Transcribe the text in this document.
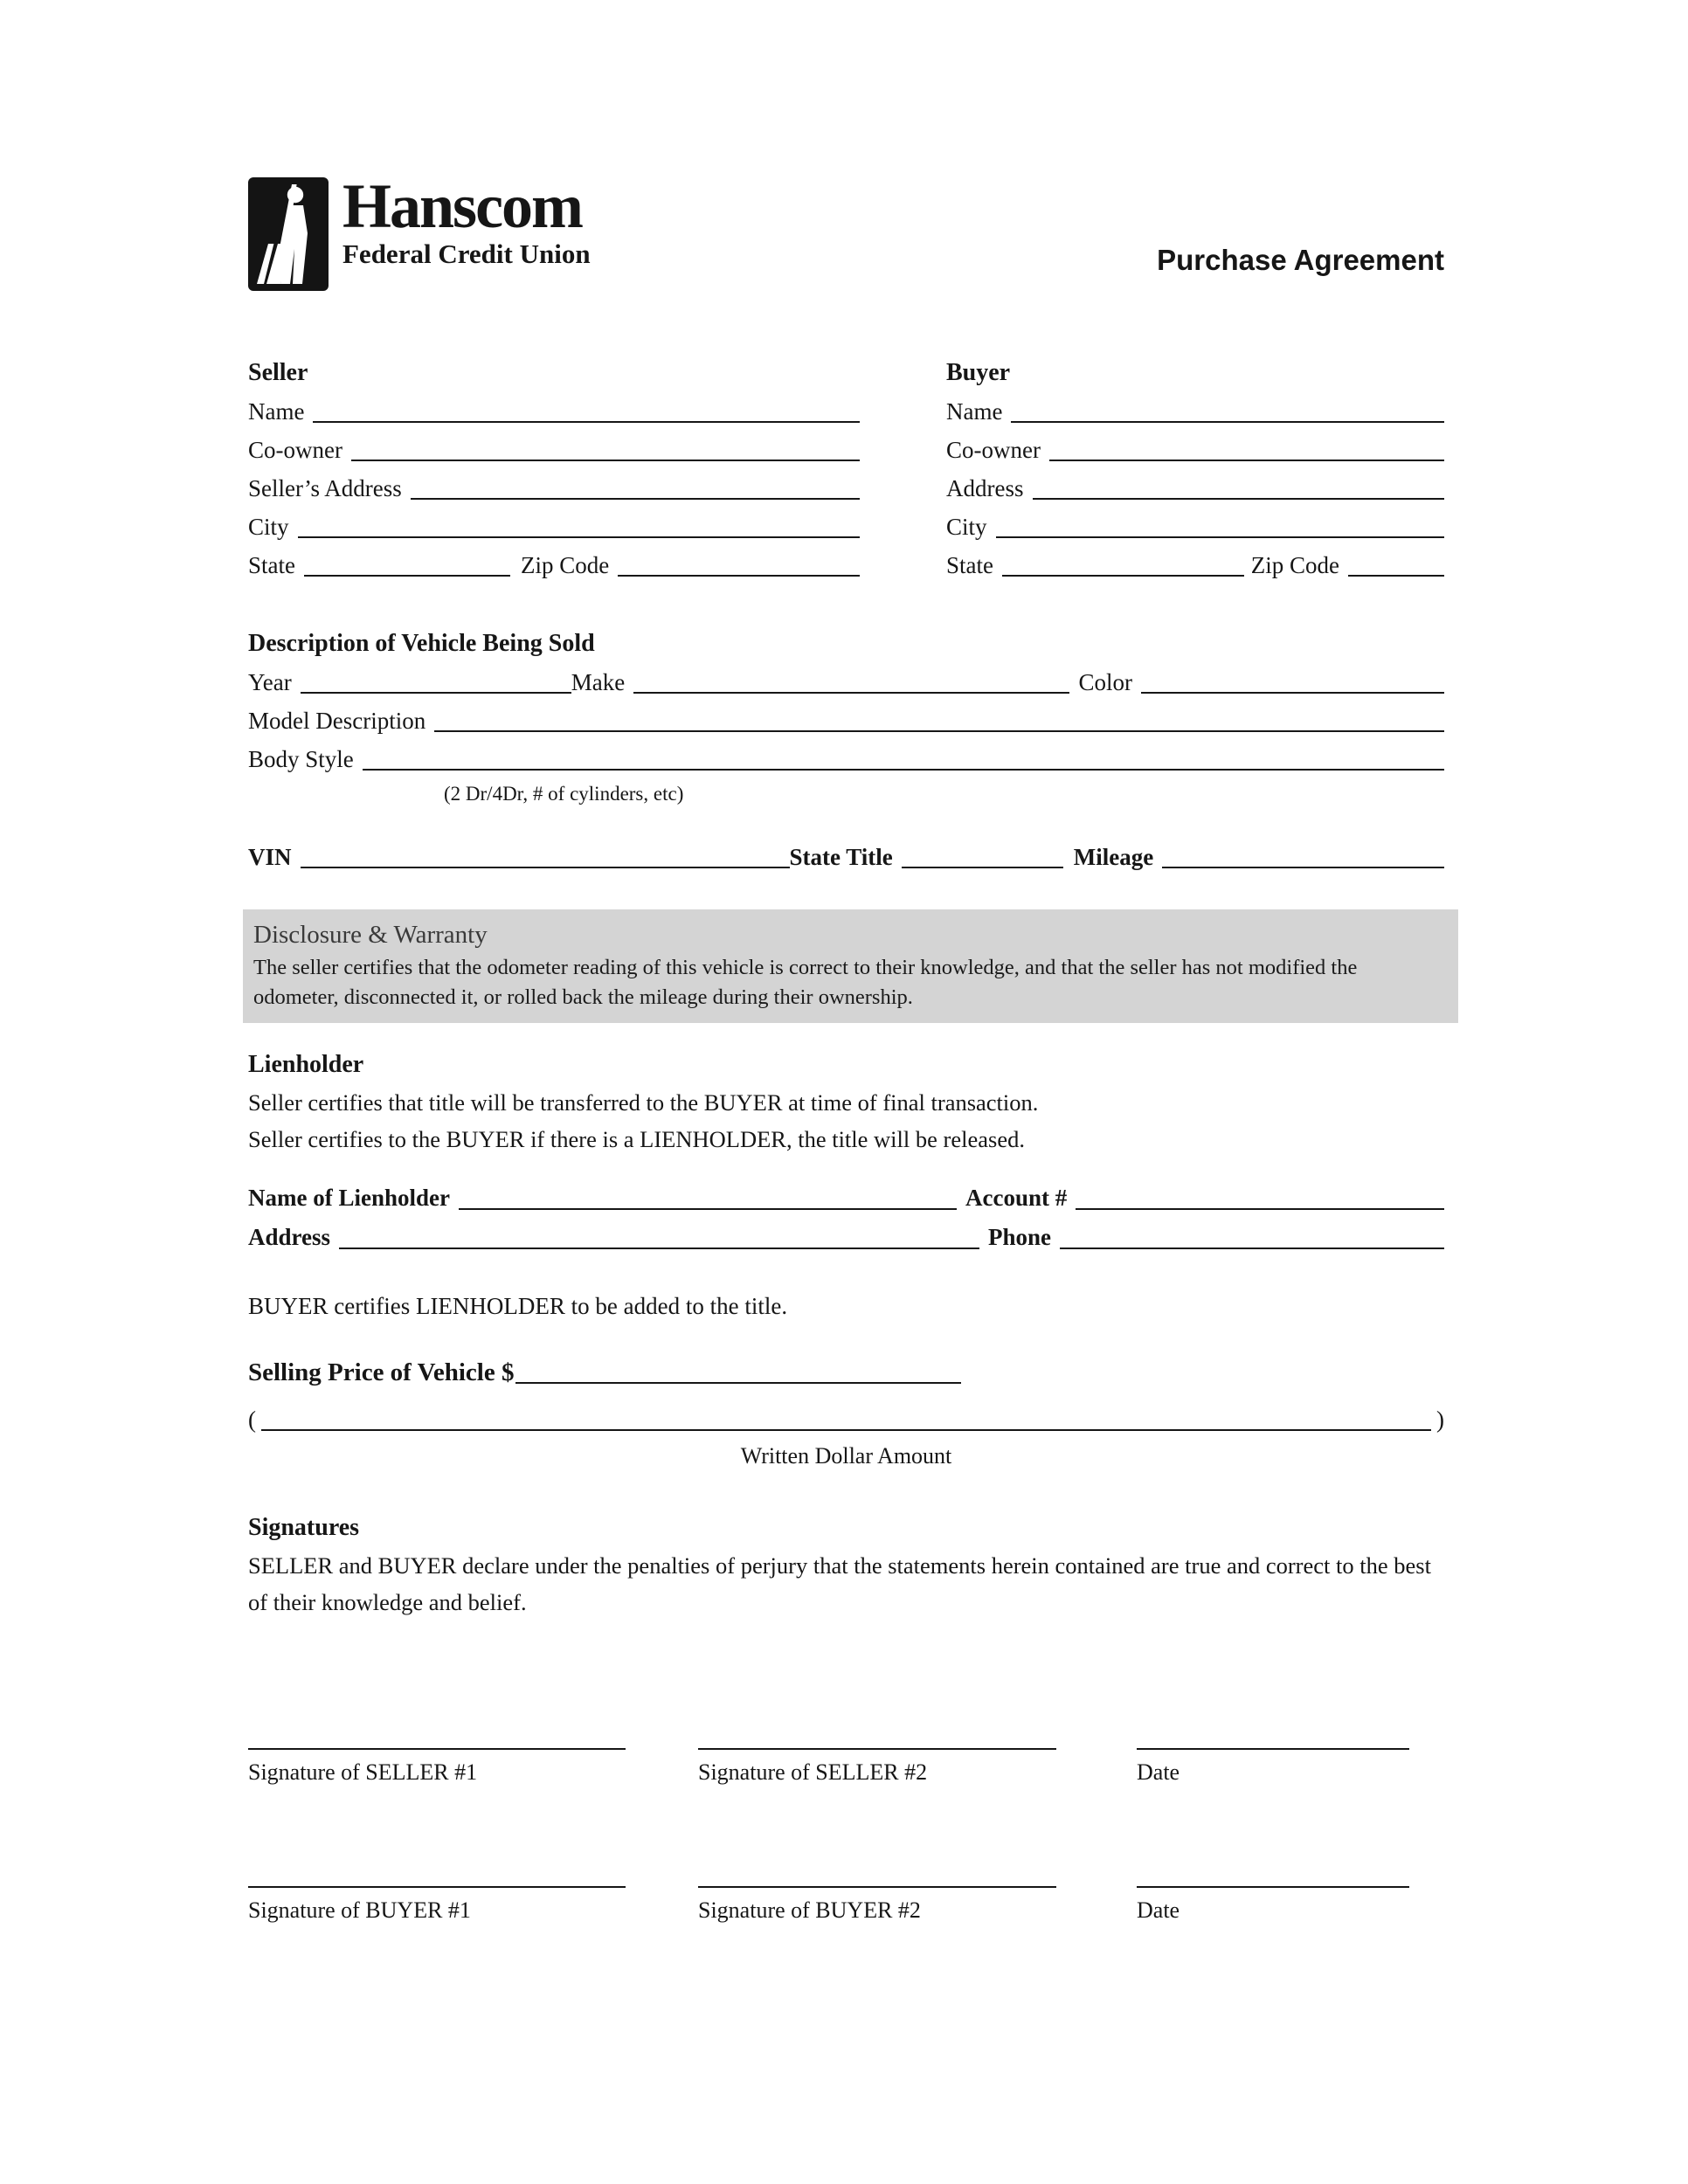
Hanscom
Federal Credit Union	Purchase Agreement
Seller
Name
Co-owner
Seller’s Address
City
State	Zip Code
Buyer
Name
Co-owner
Address
City
State	Zip Code
Description of Vehicle Being Sold
Year	Make	Color
Model Description
Body Style
(2 Dr/4Dr, # of cylinders, etc)
VIN	State Title	Mileage
Disclosure & Warranty
The seller certifies that the odometer reading of this vehicle is correct to their knowledge, and that the seller has not modified the odometer, disconnected it, or rolled back the mileage during their ownership.
Lienholder
Seller certifies that title will be transferred to the BUYER at time of final transaction.
Seller certifies to the BUYER if there is a LIENHOLDER, the title will be released.
Name of Lienholder	Account #
Address	Phone
BUYER certifies LIENHOLDER to be added to the title.
Selling Price of Vehicle $
(	)
Written Dollar Amount
Signatures
SELLER and BUYER declare under the penalties of perjury that the statements herein contained are true and correct to the best of their knowledge and belief.
Signature of SELLER #1	Signature of SELLER #2	Date
Signature of BUYER #1	Signature of BUYER #2	Date
